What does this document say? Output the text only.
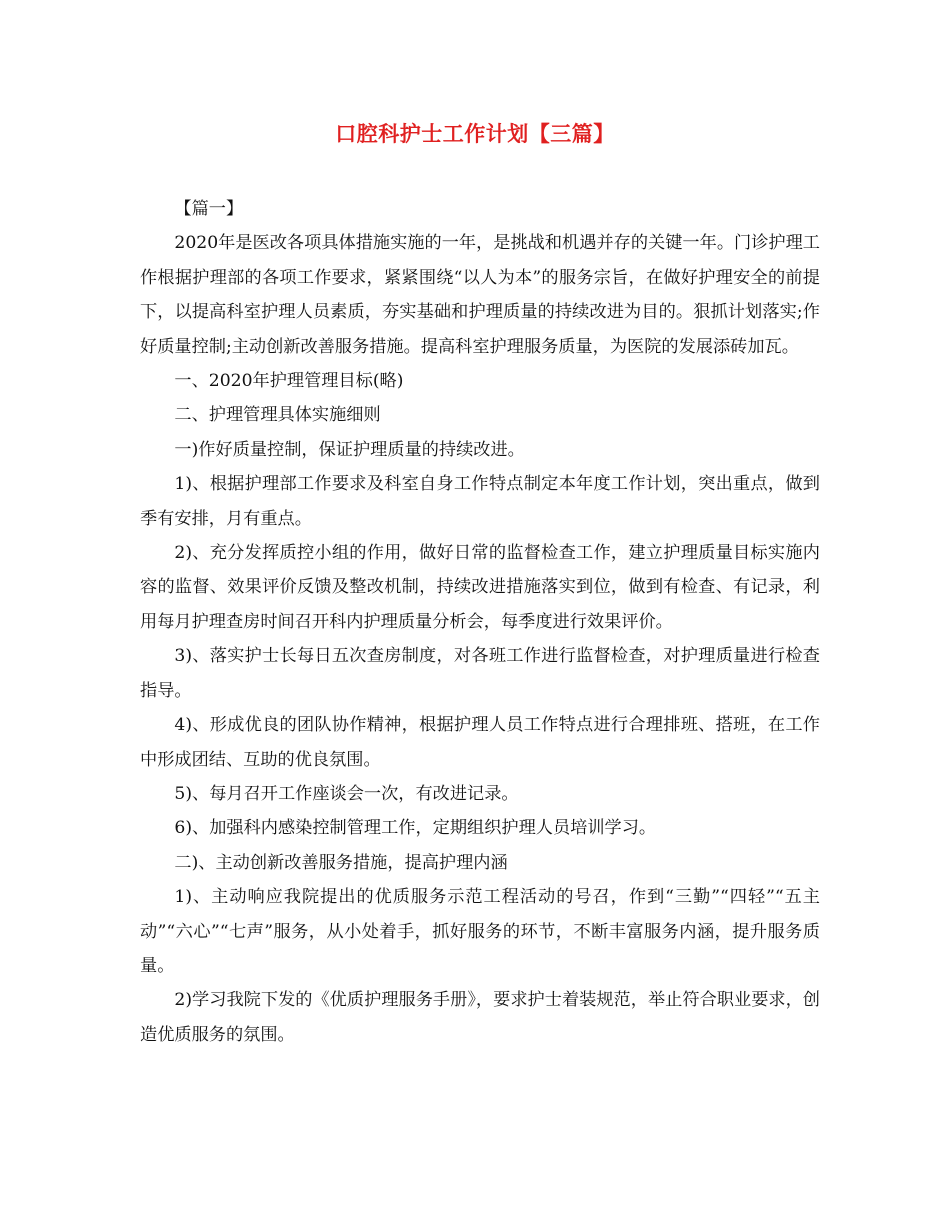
口腔科护士工作计划【三篇】

【篇一】

2020年是医改各项具体措施实施的一年，是挑战和机遇并存的关键一年。门诊护理工作根据护理部的各项工作要求，紧紧围绕“以人为本”的服务宗旨，在做好护理安全的前提下，以提高科室护理人员素质，夯实基础和护理质量的持续改进为目的。狠抓计划落实;作好质量控制;主动创新改善服务措施。提高科室护理服务质量，为医院的发展添砖加瓦。

一、2020年护理管理目标(略)

二、护理管理具体实施细则

一)作好质量控制，保证护理质量的持续改进。

1)、根据护理部工作要求及科室自身工作特点制定本年度工作计划，突出重点，做到季有安排，月有重点。

2)、充分发挥质控小组的作用，做好日常的监督检查工作，建立护理质量目标实施内容的监督、效果评价反馈及整改机制，持续改进措施落实到位，做到有检查、有记录，利用每月护理查房时间召开科内护理质量分析会，每季度进行效果评价。

3)、落实护士长每日五次查房制度，对各班工作进行监督检查，对护理质量进行检查指导。

4)、形成优良的团队协作精神，根据护理人员工作特点进行合理排班、搭班，在工作中形成团结、互助的优良氛围。

5)、每月召开工作座谈会一次，有改进记录。

6)、加强科内感染控制管理工作，定期组织护理人员培训学习。

二)、主动创新改善服务措施，提高护理内涵

1)、主动响应我院提出的优质服务示范工程活动的号召，作到“三勤”“四轻”“五主动”“六心”“七声”服务，从小处着手，抓好服务的环节，不断丰富服务内涵，提升服务质量。

2)学习我院下发的《优质护理服务手册》，要求护士着装规范，举止符合职业要求，创造优质服务的氛围。
